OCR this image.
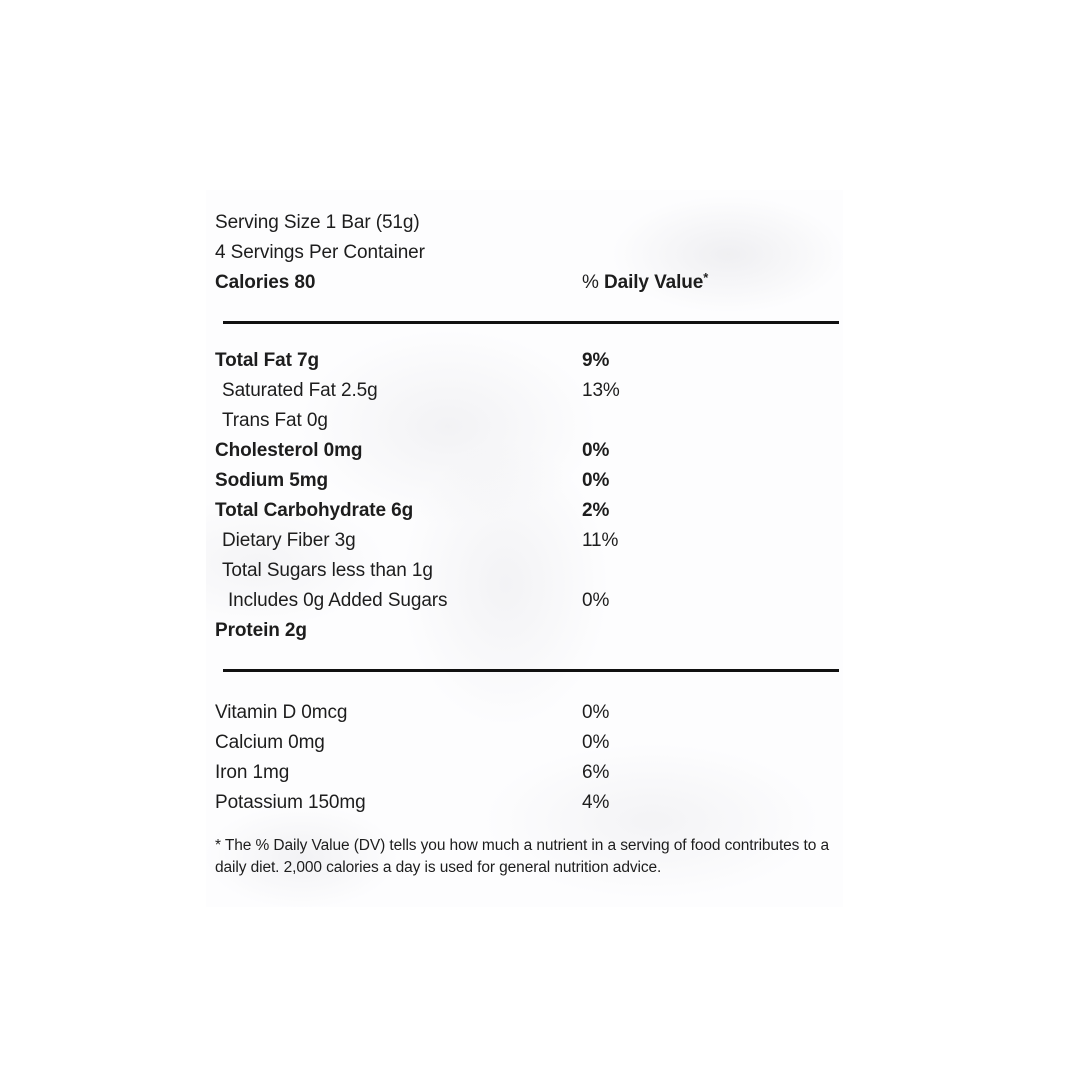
Serving Size 1 Bar (51g)
4 Servings Per Container
Calories 80	% Daily Value*
Total Fat 7g	9%
Saturated Fat 2.5g	13%
Trans Fat 0g
Cholesterol 0mg	0%
Sodium 5mg	0%
Total Carbohydrate 6g	2%
Dietary Fiber 3g	11%
Total Sugars less than 1g
Includes 0g Added Sugars	0%
Protein 2g
Vitamin D 0mcg	0%
Calcium 0mg	0%
Iron 1mg	6%
Potassium 150mg	4%

* The % Daily Value (DV) tells you how much a nutrient in a serving of food contributes to a daily diet. 2,000 calories a day is used for general nutrition advice.
